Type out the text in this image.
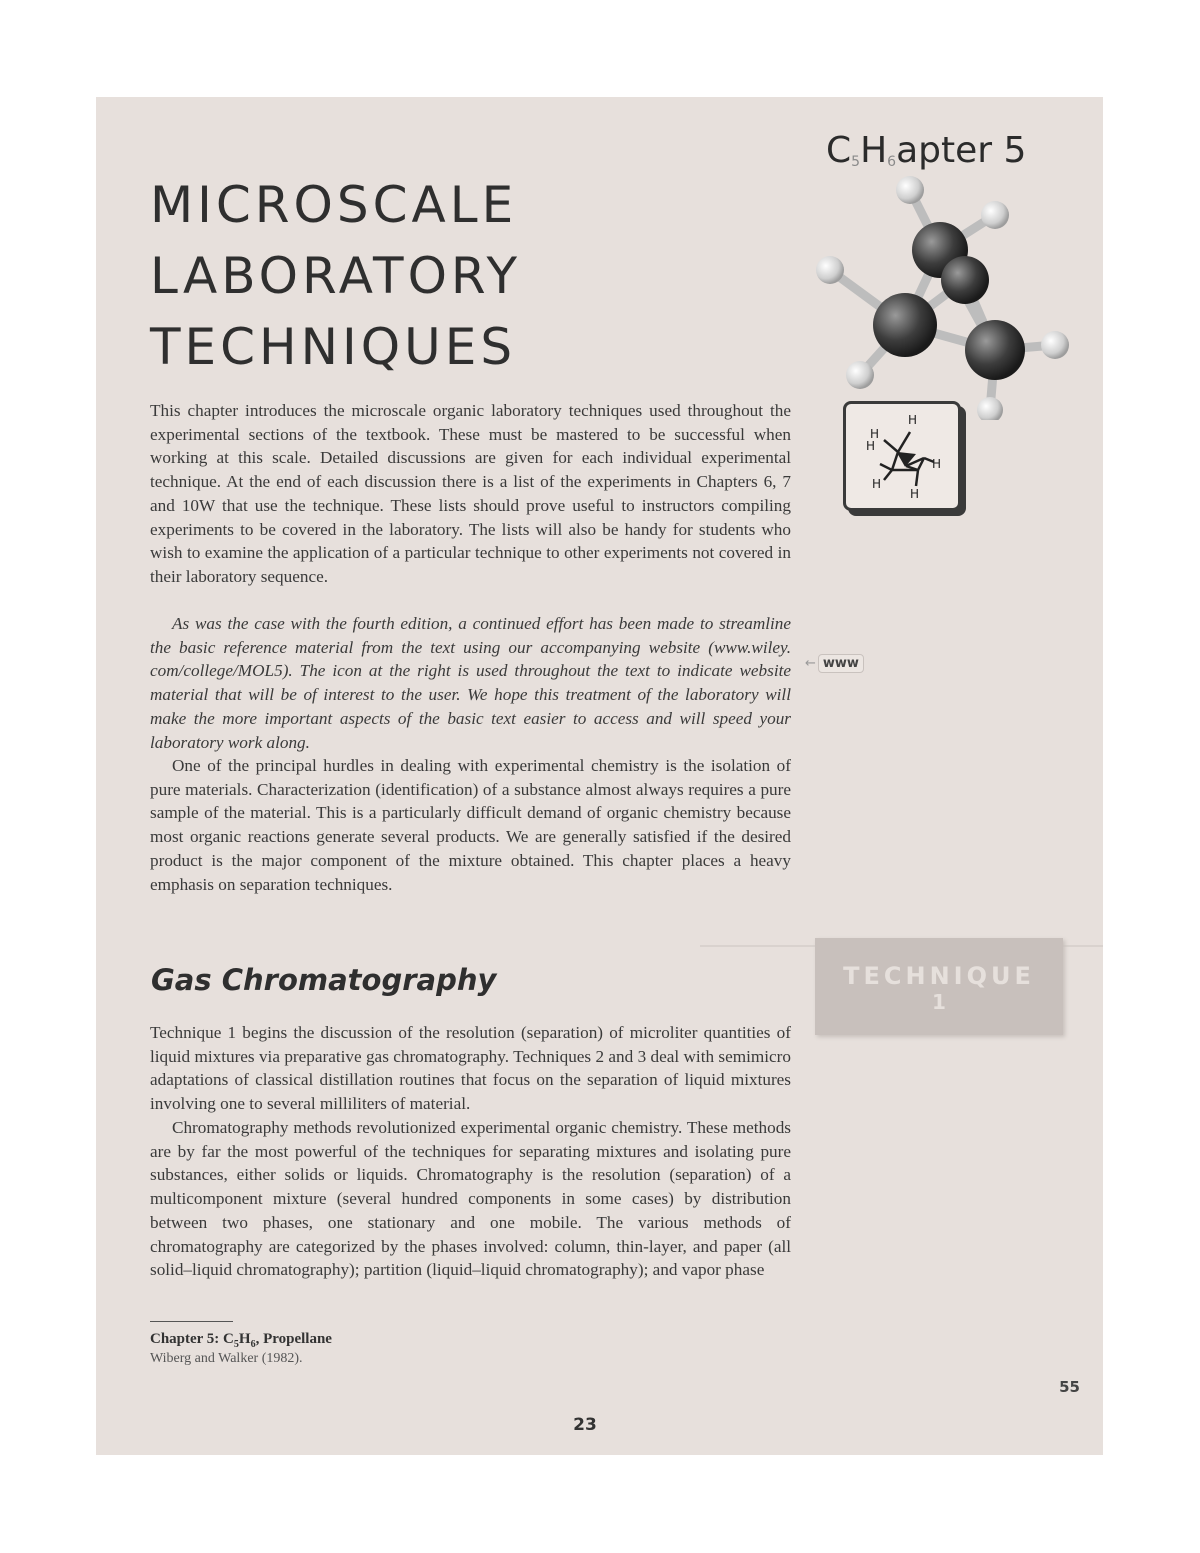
$C_5H_6apter$ 5
MICROSCALE
LABORATORY
TECHNIQUES
H
H
H
H
H
H

This chapter introduces the microscale organic laboratory techniques used throughout the experimental sections of the textbook. These must be mastered to be successful when working at this scale. Detailed discussions are given for each individual experimental technique. At the end of each discussion there is a list of the experiments in Chapters 6, 7 and 10W that use the technique. These lists should prove useful to instructors compiling experiments to be covered in the laboratory. The lists will also be handy for students who wish to examine the application of a particular technique to other experiments not covered in their laboratory sequence.

As was the case with the fourth edition, a continued effort has been made to streamline the basic reference material from the text using our accompanying website (www.wiley. com/college/MOL5). The icon at the right is used throughout the text to indicate website material that will be of interest to the user. We hope this treatment of the laboratory will make the more important aspects of the basic text easier to access and will speed your laboratory work along.

One of the principal hurdles in dealing with experimental chemistry is the isolation of pure materials. Characterization (identification) of a substance almost always requires a pure sample of the material. This is a particularly difficult demand of organic chemistry because most organic reactions generate several products. We are generally satisfied if the desired product is the major component of the mixture obtained. This chapter places a heavy emphasis on separation techniques.

← www
TECHNIQUE
1
Gas Chromatography

Technique 1 begins the discussion of the resolution (separation) of microliter quantities of liquid mixtures via preparative gas chromatography. Techniques 2 and 3 deal with semimicro adaptations of classical distillation routines that focus on the separation of liquid mixtures involving one to several milliliters of material.

Chromatography methods revolutionized experimental organic chemistry. These methods are by far the most powerful of the techniques for separating mixtures and isolating pure substances, either solids or liquids. Chromatography is the resolution (separation) of a multicomponent mixture (several hundred components in some cases) by distribution between two phases, one stationary and one mobile. The various methods of chromatography are categorized by the phases involved: column, thin-layer, and paper (all solid–liquid chromatography); partition (liquid–liquid chromatography); and vapor phase

Chapter 5: $C_5H_6$, Propellane
Wiberg and Walker (1982).
55
23
